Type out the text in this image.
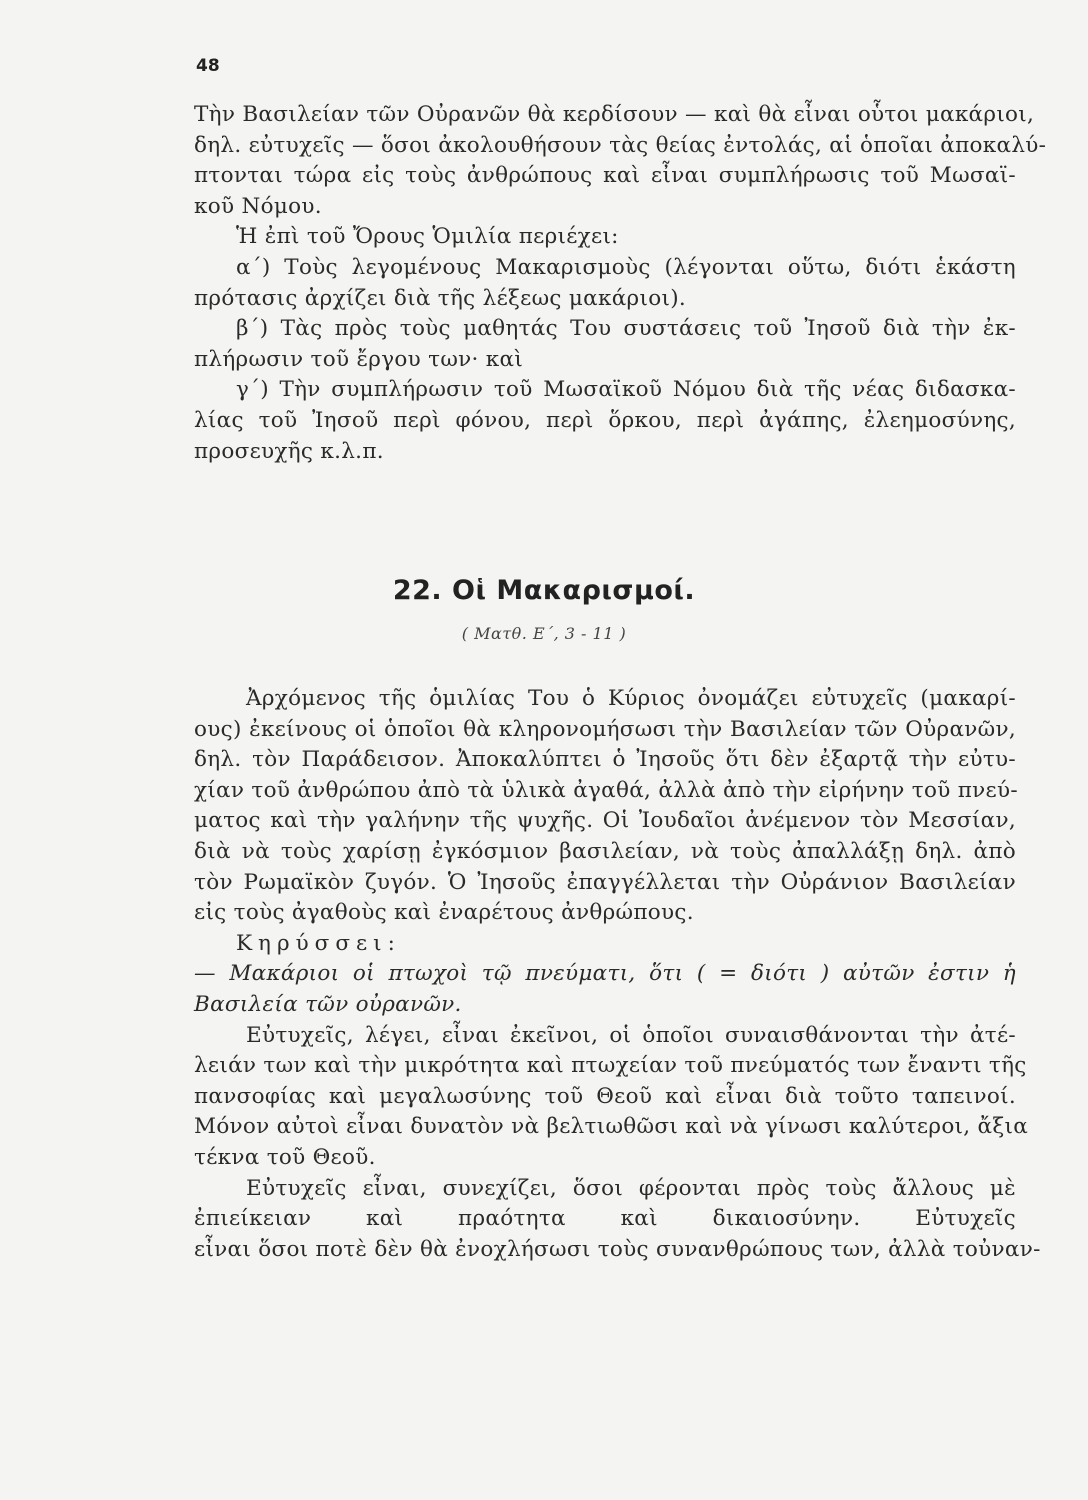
48
Τὴν Βασιλείαν τῶν Οὐρανῶν θὰ κερδίσουν — καὶ θὰ εἶναι οὗτοι μακάριοι,
δηλ. εὐτυχεῖς — ὅσοι ἀκολουθήσουν τὰς θείας ἐντολάς, αἱ ὁποῖαι ἀποκαλύ-
πτονται τώρα εἰς τοὺς ἀνθρώπους καὶ εἶναι συμπλήρωσις τοῦ Μωσαϊ-
κοῦ Νόμου.
Ἡ ἐπὶ τοῦ Ὄρους Ὁμιλία περιέχει:
α΄) Τοὺς λεγομένους Μακαρισμοὺς (λέγονται οὕτω, διότι ἑκάστη
πρότασις ἀρχίζει διὰ τῆς λέξεως μακάριοι).
β΄) Τὰς πρὸς τοὺς μαθητάς Του συστάσεις τοῦ Ἰησοῦ διὰ τὴν ἐκ-
πλήρωσιν τοῦ ἔργου των· καὶ
γ΄) Τὴν συμπλήρωσιν τοῦ Μωσαϊκοῦ Νόμου διὰ τῆς νέας διδασκα-
λίας τοῦ Ἰησοῦ περὶ φόνου, περὶ ὅρκου, περὶ ἀγάπης, ἐλεημοσύνης,
προσευχῆς κ.λ.π.
22. Οἱ Μακαρισμοί.
( Ματθ. Ε΄, 3 - 11 )
Ἀρχόμενος τῆς ὁμιλίας Του ὁ Κύριος ὀνομάζει εὐτυχεῖς (μακαρί-
ους) ἐκείνους οἱ ὁποῖοι θὰ κληρονομήσωσι τὴν Βασιλείαν τῶν Οὐρανῶν,
δηλ. τὸν Παράδεισον. Ἀποκαλύπτει ὁ Ἰησοῦς ὅτι δὲν ἐξαρτᾷ τὴν εὐτυ-
χίαν τοῦ ἀνθρώπου ἀπὸ τὰ ὑλικὰ ἀγαθά, ἀλλὰ ἀπὸ τὴν εἰρήνην τοῦ πνεύ-
ματος καὶ τὴν γαλήνην τῆς ψυχῆς. Οἱ Ἰουδαῖοι ἀνέμενον τὸν Μεσσίαν,
διὰ νὰ τοὺς χαρίσῃ ἐγκόσμιον βασιλείαν, νὰ τοὺς ἀπαλλάξῃ δηλ. ἀπὸ
τὸν Ρωμαϊκὸν ζυγόν. Ὁ Ἰησοῦς ἐπαγγέλλεται τὴν Οὐράνιον Βασιλείαν
εἰς τοὺς ἀγαθοὺς καὶ ἐναρέτους ἀνθρώπους.
Κηρύσσει:
— Μακάριοι οἱ πτωχοὶ τῷ πνεύματι, ὅτι ( = διότι ) αὐτῶν ἐστιν ἡ
Βασιλεία τῶν οὐρανῶν.
Εὐτυχεῖς, λέγει, εἶναι ἐκεῖνοι, οἱ ὁποῖοι συναισθάνονται τὴν ἀτέ-
λειάν των καὶ τὴν μικρότητα καὶ πτωχείαν τοῦ πνεύματός των ἔναντι τῆς
πανσοφίας καὶ μεγαλωσύνης τοῦ Θεοῦ καὶ εἶναι διὰ τοῦτο ταπεινοί.
Μόνον αὐτοὶ εἶναι δυνατὸν νὰ βελτιωθῶσι καὶ νὰ γίνωσι καλύτεροι, ἄξια
τέκνα τοῦ Θεοῦ.
Εὐτυχεῖς εἶναι, συνεχίζει, ὅσοι φέρονται πρὸς τοὺς ἄλλους μὲ
ἐπιείκειαν καὶ πραότητα καὶ δικαιοσύνην. Εὐτυχεῖς
εἶναι ὅσοι ποτὲ δὲν θὰ ἐνοχλήσωσι τοὺς συνανθρώπους των, ἀλλὰ τοὐναν-
